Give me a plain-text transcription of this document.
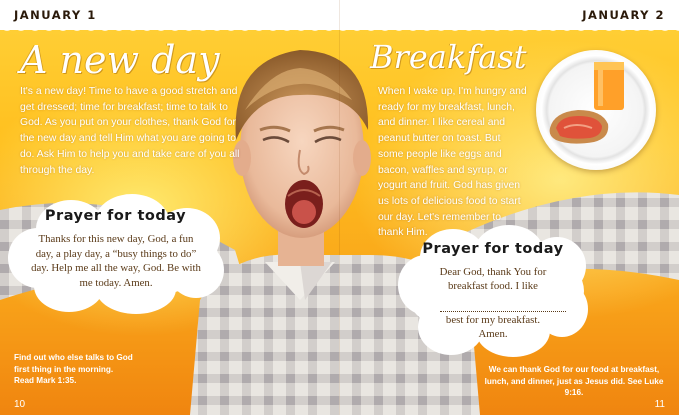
JANUARY 1	JANUARY 2
A new day	Breakfast

It's a new day! Time to have a good stretch and get dressed; time for breakfast; time to talk to God. As you put on your clothes, thank God for the new day and tell Him what you are going to do. Ask Him to help you and take care of you all through the day.

When I wake up, I'm hungry and ready for my breakfast, lunch, and dinner. I like cereal and peanut butter on toast. But some people like eggs and bacon, waffles and syrup, or yogurt and fruit. God has given us lots of delicious food to start our day. Let's remember to thank Him.

Prayer for today

Thanks for this new day, God, a fun day, a play day, a “busy things to do” day. Help me all the way, God. Be with me today. Amen.

Prayer for today

Dear God, thank You for

breakfast food. I like

best for my breakfast.

Amen.

Find out who else talks to God first thing in the morning. Read Mark 1:35.

We can thank God for our food at breakfast, lunch, and dinner, just as Jesus did. See Luke 9:16.

10	11
